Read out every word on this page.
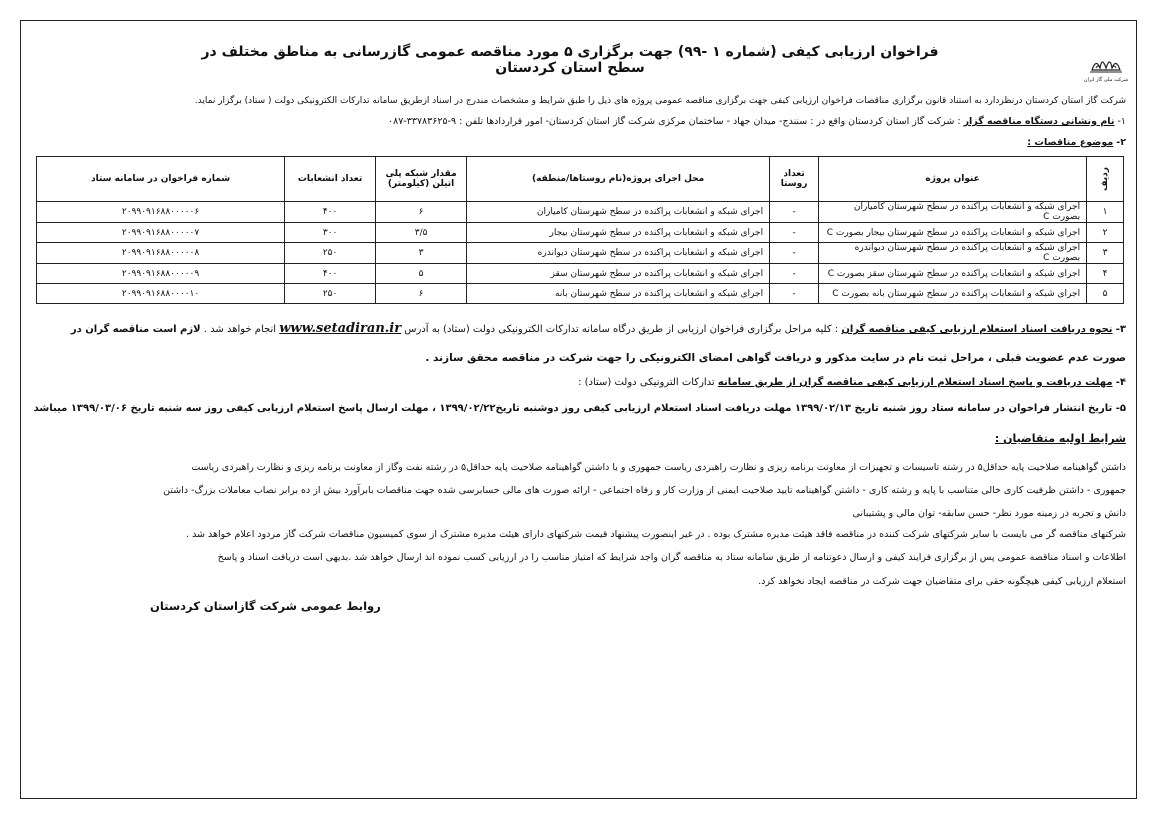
فراخوان ارزیابی کیفی (شماره ۱ -۹۹) جهت برگزاری ۵ مورد مناقصه عمومی گازرسانی به مناطق مختلف در سطح استان کردستان
شرکت ملی گاز ایران
شرکت گاز استان کردستان درنظردارد به استناد قانون برگزاری مناقصات فراخوان ارزیابی کیفی جهت برگزاری مناقصه عمومی پروژه های ذیل را طبق شرایط و مشخصات مندرج در اسناد ازطریق سامانه تدارکات الکترونیکی دولت ( ستاد) برگزار نماید.
۱- نام ونشانی دستگاه مناقصه گزار : شرکت گاز استان کردستان واقع در : سنندج- میدان جهاد - ساختمان مرکزی شرکت گاز استان کردستان- امور قراردادها تلفن : ۹-۳۳۷۸۳۶۲۵-۰۸۷
۲- موضوع مناقصات :
ردیف	عنوان پروژه	تعداد روستا	محل اجرای پروژه(نام روستاها/منطقه)	مقدار شبکه پلی اتیلن (کیلومتر)	تعداد انشعابات	شماره فراخوان در سامانه ستاد
۱	اجرای شبکه و انشعابات پراکنده در سطح شهرستان کامیاران بصورت C	-	اجرای شبکه و انشعابات پراکنده در سطح شهرستان کامیاران	۶	۴۰۰	۲۰۹۹۰۹۱۶۸۸۰۰۰۰۰۶
۲	اجرای شبکه و انشعابات پراکنده در سطح شهرستان بیجار بصورت C	-	اجرای شبکه و انشعابات پراکنده در سطح شهرستان بیجار	۳/۵	۳۰۰	۲۰۹۹۰۹۱۶۸۸۰۰۰۰۰۷
۳	اجرای شبکه و انشعابات پراکنده در سطح شهرستان دیواندره بصورت C	-	اجرای شبکه و انشعابات پراکنده در سطح شهرستان دیواندره	۳	۲۵۰	۲۰۹۹۰۹۱۶۸۸۰۰۰۰۰۸
۴	اجرای شبکه و انشعابات پراکنده در سطح شهرستان سقز بصورت C	-	اجرای شبکه و انشعابات پراکنده در سطح شهرستان سقز	۵	۴۰۰	۲۰۹۹۰۹۱۶۸۸۰۰۰۰۰۹
۵	اجرای شبکه و انشعابات پراکنده در سطح شهرستان بانه بصورت C	-	اجرای شبکه و انشعابات پراکنده در سطح شهرستان بانه	۶	۲۵۰	۲۰۹۹۰۹۱۶۸۸۰۰۰۰۱۰
۳- نحوه دریافت اسناد استعلام ارزیابی کیفی مناقصه گران : کلیه مراحل برگزاری فراخوان ارزیابی از طریق درگاه سامانه تدارکات الکترونیکی دولت (ستاد) به آدرس www.setadiran.ir انجام خواهد شد . لازم است مناقصه گران در
صورت عدم عضویت قبلی ، مراحل ثبت نام در سایت مذکور و دریافت گواهی امضای الکترونیکی را جهت شرکت در مناقصه محقق سازند .
۴- مهلت دریافت و پاسخ اسناد استعلام ارزیابی کیفی مناقصه گران از طریق سامانه تدارکات الترونیکی دولت (ستاد) :
۵- تاریخ انتشار فراخوان در سامانه ستاد روز شنبه تاریخ ۱۳۹۹/۰۲/۱۳ مهلت دریافت اسناد استعلام ارزیابی کیفی روز دوشنبه تاریخ۱۳۹۹/۰۲/۲۲ ، مهلت ارسال پاسخ استعلام ارزیابی کیفی روز سه شنبه تاریخ ۱۳۹۹/۰۳/۰۶ میباشد
شرایط اولیه متقاضیان :
داشتن گواهینامه صلاحیت پایه حداقل۵ در رشته تاسیسات و تجهیزات از معاونت برنامه ریزی و نظارت راهبردی ریاست جمهوری و یا داشتن گواهینامه صلاحیت پایه حداقل۵ در رشته نفت وگاز از معاونت برنامه ریزی و نظارت راهبردی ریاست
جمهوری - داشتن ظرفیت کاری خالی متناسب با پایه و رشته کاری - داشتن گواهینامه تایید صلاحیت ایمنی از وزارت کار و رفاه اجتماعی - ارائه صورت های مالی حسابرسی شده جهت مناقصات بابرآورد بیش از ده برابر نصاب معاملات بزرگ- داشتن
دانش و تجربه در زمینه مورد نظر- حسن سابقه- توان مالی و پشتیبانی
شرکتهای مناقصه گر می بایست با سایر شرکتهای شرکت کننده در مناقصه فاقد هیئت مدیره مشترک بوده . در غیر اینصورت پیشنهاد قیمت شرکتهای دارای هیئت مدیره مشترک از سوی کمیسیون مناقصات شرکت گاز مردود اعلام خواهد شد .
اطلاعات و اسناد مناقصه عمومی پس از برگزاری فرایند کیفی و ارسال دعوتنامه از طریق سامانه ستاد به مناقصه گران واجد شرایط که امتیاز مناسب را در ارزیابی کسب نموده اند ارسال خواهد شد .بدیهی است دریافت اسناد و پاسخ
استعلام ارزیابی کیفی هیچگونه حقی برای متقاضیان جهت شرکت در مناقصه ایجاد نخواهد کرد.
روابط عمومی شرکت گازاستان کردستان
